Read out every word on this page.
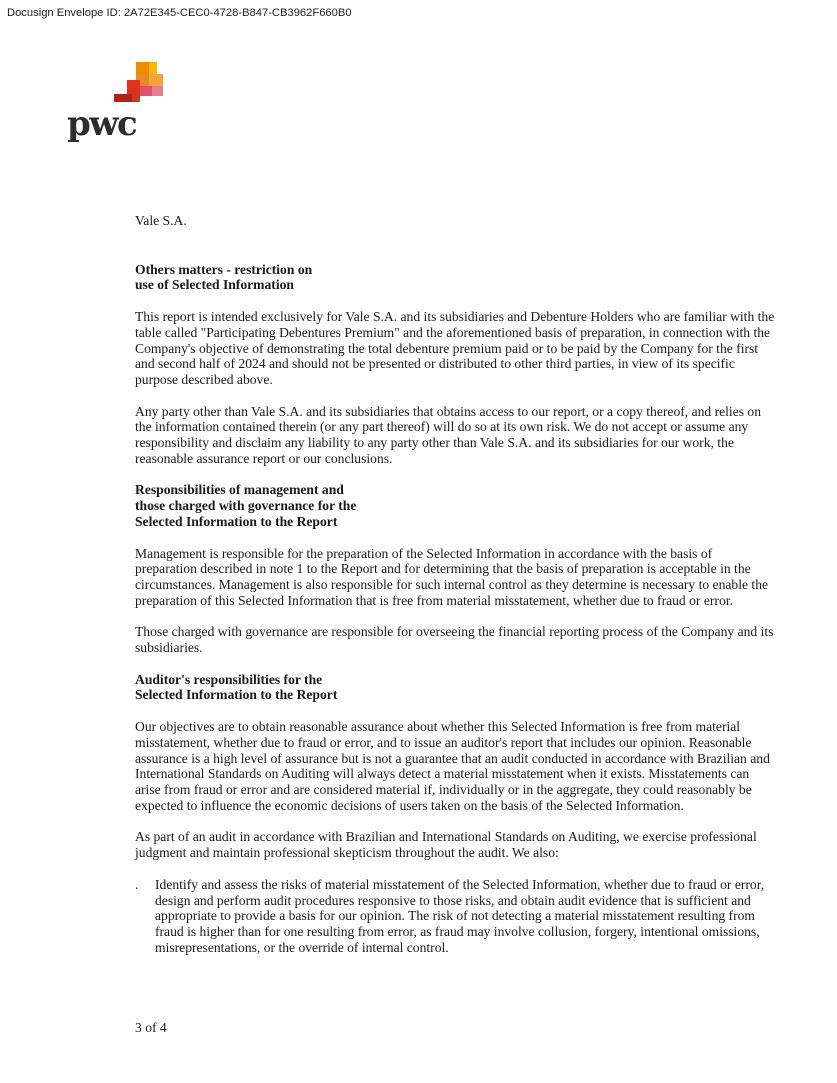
Docusign Envelope ID: 2A72E345-CEC0-4728-B847-CB3962F660B0
pwc

Vale S.A.

Others matters - restriction on
use of Selected Information

This report is intended exclusively for Vale S.A. and its subsidiaries and Debenture Holders who are familiar with the table called "Participating Debentures Premium" and the aforementioned basis of preparation, in connection with the Company's objective of demonstrating the total debenture premium paid or to be paid by the Company for the first and second half of 2024 and should not be presented or distributed to other third parties, in view of its specific purpose described above.

Any party other than Vale S.A. and its subsidiaries that obtains access to our report, or a copy thereof, and relies on the information contained therein (or any part thereof) will do so at its own risk. We do not accept or assume any responsibility and disclaim any liability to any party other than Vale S.A. and its subsidiaries for our work, the reasonable assurance report or our conclusions.

Responsibilities of management and
those charged with governance for the
Selected Information to the Report

Management is responsible for the preparation of the Selected Information in accordance with the basis of preparation described in note 1 to the Report and for determining that the basis of preparation is acceptable in the circumstances. Management is also responsible for such internal control as they determine is necessary to enable the preparation of this Selected Information that is free from material misstatement, whether due to fraud or error.

Those charged with governance are responsible for overseeing the financial reporting process of the Company and its subsidiaries.

Auditor's responsibilities for the
Selected Information to the Report

Our objectives are to obtain reasonable assurance about whether this Selected Information is free from material misstatement, whether due to fraud or error, and to issue an auditor's report that includes our opinion. Reasonable assurance is a high level of assurance but is not a guarantee that an audit conducted in accordance with Brazilian and International Standards on Auditing will always detect a material misstatement when it exists. Misstatements can arise from fraud or error and are considered material if, individually or in the aggregate, they could reasonably be expected to influence the economic decisions of users taken on the basis of the Selected Information.

As part of an audit in accordance with Brazilian and International Standards on Auditing, we exercise professional judgment and maintain professional skepticism throughout the audit. We also:

.	Identify and assess the risks of material misstatement of the Selected Information, whether due to fraud or error, design and perform audit procedures responsive to those risks, and obtain audit evidence that is sufficient and appropriate to provide a basis for our opinion. The risk of not detecting a material misstatement resulting from fraud is higher than for one resulting from error, as fraud may involve collusion, forgery, intentional omissions, misrepresentations, or the override of internal control.
3 of 4
